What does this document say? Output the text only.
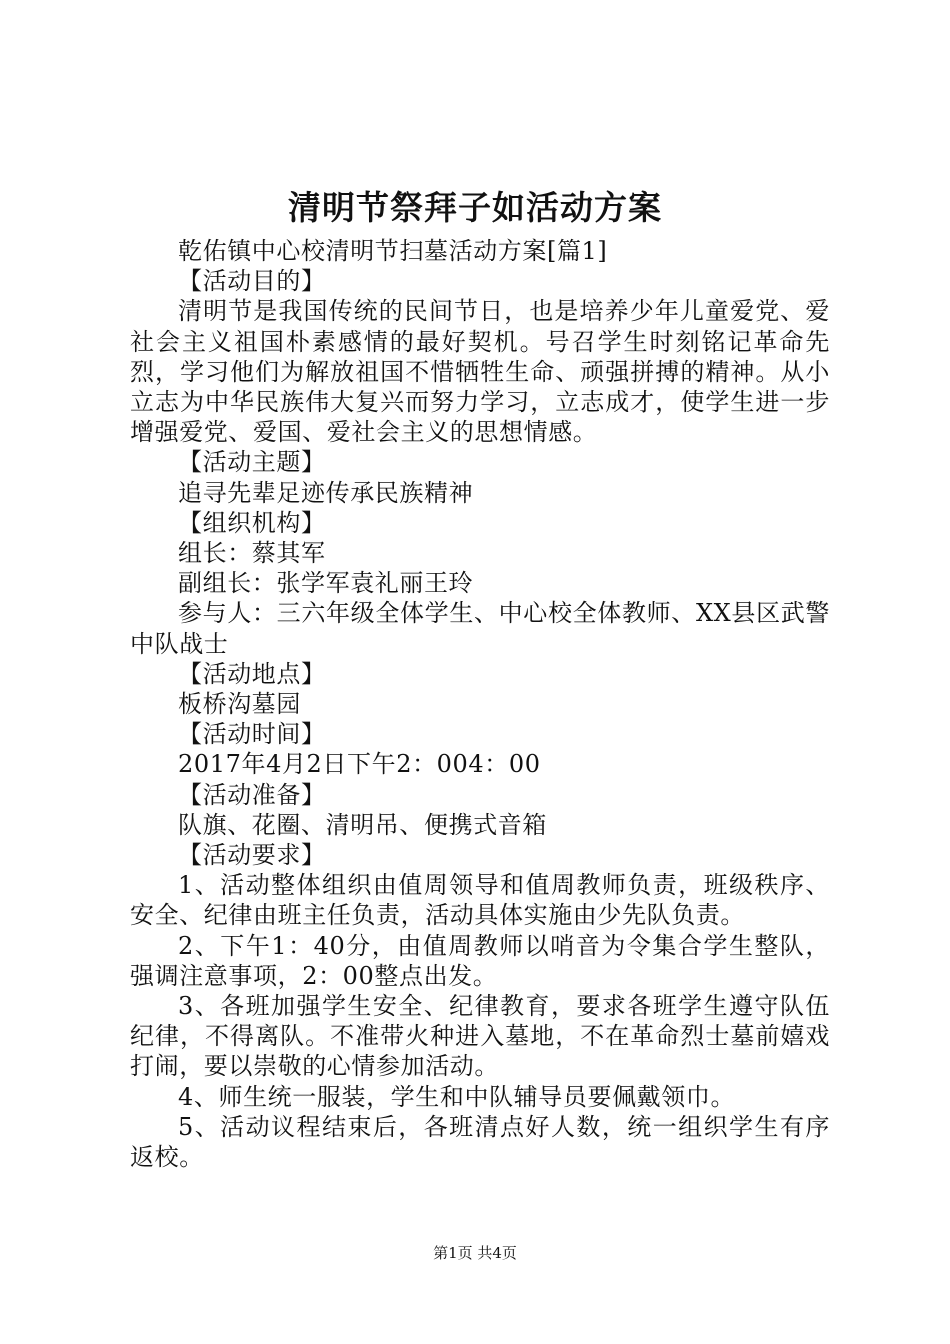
清明节祭拜子如活动方案

乾佑镇中心校清明节扫墓活动方案[篇1]

【活动目的】

清明节是我国传统的民间节日，也是培养少年儿童爱党、爱社会主义祖国朴素感情的最好契机。号召学生时刻铭记革命先烈，学习他们为解放祖国不惜牺牲生命、顽强拼搏的精神。从小立志为中华民族伟大复兴而努力学习，立志成才，使学生进一步增强爱党、爱国、爱社会主义的思想情感。

【活动主题】

追寻先辈足迹传承民族精神

【组织机构】

组长：蔡其军

副组长：张学军袁礼丽王玲

参与人：三六年级全体学生、中心校全体教师、XX县区武警中队战士

【活动地点】

板桥沟墓园

【活动时间】

2017年4月2日下午2：004：00

【活动准备】

队旗、花圈、清明吊、便携式音箱

【活动要求】

1、活动整体组织由值周领导和值周教师负责，班级秩序、安全、纪律由班主任负责，活动具体实施由少先队负责。

2、下午1：40分，由值周教师以哨音为令集合学生整队，强调注意事项，2：00整点出发。

3、各班加强学生安全、纪律教育，要求各班学生遵守队伍纪律，不得离队。不准带火种进入墓地，不在革命烈士墓前嬉戏打闹，要以崇敬的心情参加活动。

4、师生统一服装，学生和中队辅导员要佩戴领巾。

5、活动议程结束后，各班清点好人数，统一组织学生有序返校。

第1页 共4页
